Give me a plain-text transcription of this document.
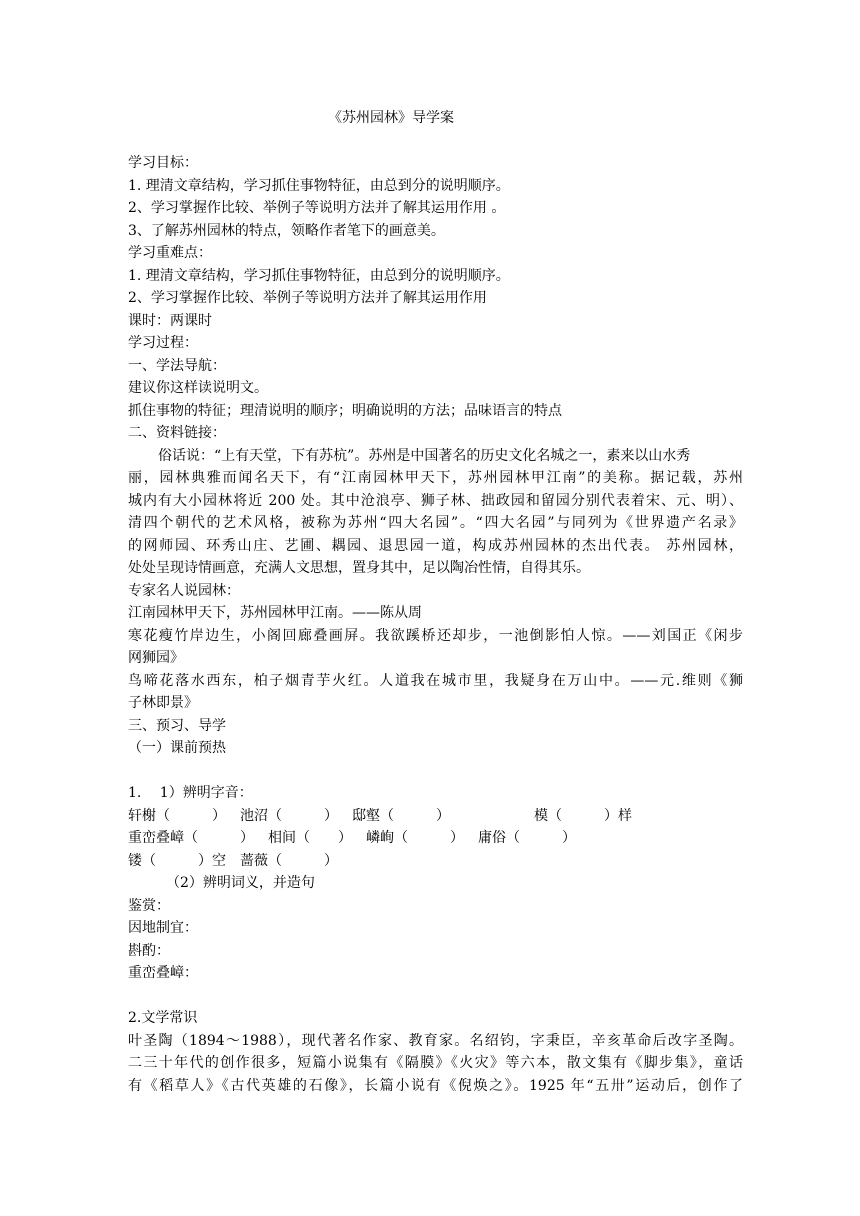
《苏州园林》导学案

学习目标：

1. 理清文章结构，学习抓住事物特征，由总到分的说明顺序。

2、学习掌握作比较、举例子等说明方法并了解其运用作用 。

3、了解苏州园林的特点，领略作者笔下的画意美。

学习重难点：

1. 理清文章结构，学习抓住事物特征，由总到分的说明顺序。

2、学习掌握作比较、举例子等说明方法并了解其运用作用

课时：两课时

学习过程：

一、学法导航：

建议你这样读说明文。

抓住事物的特征；理清说明的顺序；明确说明的方法；品味语言的特点

二、资料链接：

俗话说：“上有天堂，下有苏杭”。苏州是中国著名的历史文化名城之一，素来以山水秀

丽，园林典雅而闻名天下，有“江南园林甲天下，苏州园林甲江南”的美称。据记载，苏州

城内有大小园林将近 200 处。其中沧浪亭、狮子林、拙政园和留园分别代表着宋、元、明）、

清四个朝代的艺术风格，被称为苏州“四大名园”。“四大名园”与同列为《世界遗产名录》

的网师园、环秀山庄、艺圃、耦园、退思园一道，构成苏州园林的杰出代表。 苏州园林，

处处呈现诗情画意，充满人文思想，置身其中，足以陶冶性情，自得其乐。

专家名人说园林：

江南园林甲天下，苏州园林甲江南。——陈从周

寒花瘦竹岸边生，小阁回廊叠画屏。我欲蹊桥还却步，一池倒影怕人惊。——刘国正《闲步

网狮园》

鸟啼花落水西东，柏子烟青芋火红。人道我在城市里，我疑身在万山中。——元.维则《狮

子林即景》

三、预习、导学

（一）课前预热

1.　 1）辨明字音：

轩榭（ 　　　） 　池沼（ 　　　） 　邸壑（ 　　　） 　　　　　　模（ 　　　）样

重峦叠嶂（ 　　　） 　相间（ 　　） 　嶙峋（ 　　　） 　庸俗（ 　　　）

镂（ 　　　）空 　蔷薇（ 　　　）

（2）辨明词义，并造句

鉴赏：

因地制宜：

斟酌：

重峦叠嶂：

2.文学常识

叶圣陶（1894～1988），现代著名作家、教育家。名绍钧，字秉臣，辛亥革命后改字圣陶。

二三十年代的创作很多，短篇小说集有《隔膜》《火灾》等六本，散文集有《脚步集》，童话

有《稻草人》《古代英雄的石像》，长篇小说有《倪焕之》。1925 年“五卅”运动后，创作了
